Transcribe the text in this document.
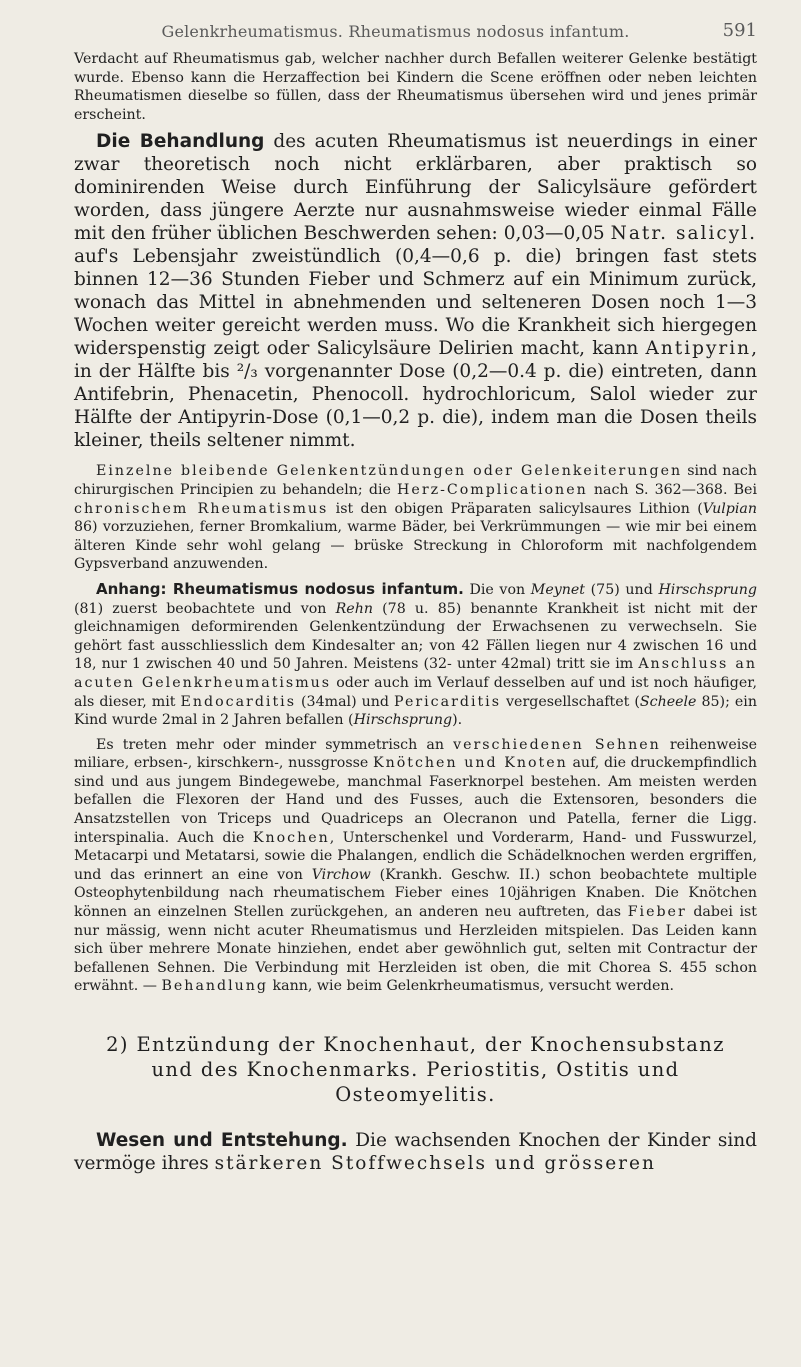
Gelenkrheumatismus. Rheumatismus nodosus infantum.	591

Verdacht auf Rheumatismus gab, welcher nachher durch Befallen weiterer Gelenke bestätigt wurde. Ebenso kann die Herzaffection bei Kindern die Scene eröffnen oder neben leichten Rheumatismen dieselbe so füllen, dass der Rheumatismus übersehen wird und jenes primär erscheint.

Die Behandlung des acuten Rheumatismus ist neuerdings in einer zwar theoretisch noch nicht erklärbaren, aber praktisch so dominirenden Weise durch Einführung der Salicylsäure gefördert worden, dass jüngere Aerzte nur ausnahmsweise wieder einmal Fälle mit den früher üblichen Beschwerden sehen: 0,03—0,05 Natr. salicyl. auf's Lebensjahr zweistündlich (0,4—0,6 p. die) bringen fast stets binnen 12—36 Stunden Fieber und Schmerz auf ein Minimum zurück, wonach das Mittel in abnehmenden und selteneren Dosen noch 1—3 Wochen weiter gereicht werden muss. Wo die Krankheit sich hiergegen widerspenstig zeigt oder Salicylsäure Delirien macht, kann Antipyrin, in der Hälfte bis ²/₃ vorgenannter Dose (0,2—0.4 p. die) eintreten, dann Antifebrin, Phenacetin, Phenocoll. hydrochloricum, Salol wieder zur Hälfte der Antipyrin-Dose (0,1—0,2 p. die), indem man die Dosen theils kleiner, theils seltener nimmt.

Einzelne bleibende Gelenkentzündungen oder Gelenkeiterungen sind nach chirurgischen Principien zu behandeln; die Herz-Complicationen nach S. 362—368. Bei chronischem Rheumatismus ist den obigen Präparaten salicylsaures Lithion (Vulpian 86) vorzuziehen, ferner Bromkalium, warme Bäder, bei Verkrümmungen — wie mir bei einem älteren Kinde sehr wohl gelang — brüske Streckung in Chloroform mit nachfolgendem Gypsverband anzuwenden.

Anhang: Rheumatismus nodosus infantum. Die von Meynet (75) und Hirschsprung (81) zuerst beobachtete und von Rehn (78 u. 85) benannte Krankheit ist nicht mit der gleichnamigen deformirenden Gelenkentzündung der Erwachsenen zu verwechseln. Sie gehört fast ausschliesslich dem Kindesalter an; von 42 Fällen liegen nur 4 zwischen 16 und 18, nur 1 zwischen 40 und 50 Jahren. Meistens (32- unter 42mal) tritt sie im Anschluss an acuten Gelenkrheumatismus oder auch im Verlauf desselben auf und ist noch häufiger, als dieser, mit Endocarditis (34mal) und Pericarditis vergesellschaftet (Scheele 85); ein Kind wurde 2mal in 2 Jahren befallen (Hirschsprung).

Es treten mehr oder minder symmetrisch an verschiedenen Sehnen reihenweise miliare, erbsen-, kirschkern-, nussgrosse Knötchen und Knoten auf, die druckempfindlich sind und aus jungem Bindegewebe, manchmal Faserknorpel bestehen. Am meisten werden befallen die Flexoren der Hand und des Fusses, auch die Extensoren, besonders die Ansatzstellen von Triceps und Quadriceps an Olecranon und Patella, ferner die Ligg. interspinalia. Auch die Knochen, Unterschenkel und Vorderarm, Hand- und Fusswurzel, Metacarpi und Metatarsi, sowie die Phalangen, endlich die Schädelknochen werden ergriffen, und das erinnert an eine von Virchow (Krankh. Geschw. II.) schon beobachtete multiple Osteophytenbildung nach rheumatischem Fieber eines 10jährigen Knaben. Die Knötchen können an einzelnen Stellen zurückgehen, an anderen neu auftreten, das Fieber dabei ist nur mässig, wenn nicht acuter Rheumatismus und Herzleiden mitspielen. Das Leiden kann sich über mehrere Monate hinziehen, endet aber gewöhnlich gut, selten mit Contractur der befallenen Sehnen. Die Verbindung mit Herzleiden ist oben, die mit Chorea S. 455 schon erwähnt. — Behandlung kann, wie beim Gelenkrheumatismus, versucht werden.

2) Entzündung der Knochenhaut, der Knochensubstanz
und des Knochenmarks. Periostitis, Ostitis und
Osteomyelitis.

Wesen und Entstehung. Die wachsenden Knochen der Kinder sind vermöge ihres stärkeren Stoffwechsels und grösseren
